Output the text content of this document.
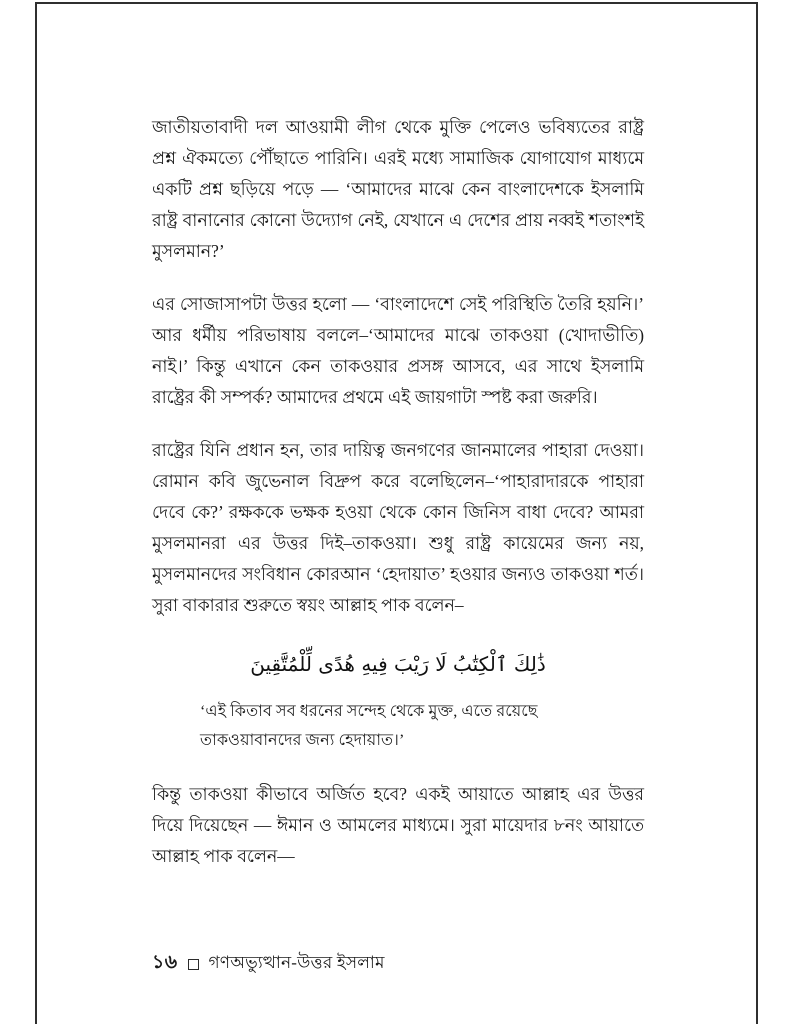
জাতীয়তাবাদী দল আওয়ামী লীগ থেকে মুক্তি পেলেও ভবিষ্যতের রাষ্ট্র প্রশ্ন ঐকমত্যে পৌঁছাতে পারিনি। এরই মধ্যে সামাজিক যোগাযোগ মাধ্যমে একটি প্রশ্ন ছড়িয়ে পড়ে — ‘আমাদের মাঝে কেন বাংলাদেশকে ইসলামি রাষ্ট্র বানানোর কোনো উদ্যোগ নেই, যেখানে এ দেশের প্রায় নব্বই শতাংশই মুসলমান?’

এর সোজাসাপটা উত্তর হলো — ‘বাংলাদেশে সেই পরিস্থিতি তৈরি হয়নি।’ আর ধর্মীয় পরিভাষায় বললে–‘আমাদের মাঝে তাকওয়া (খোদাভীতি) নাই।’ কিন্তু এখানে কেন তাকওয়ার প্রসঙ্গ আসবে, এর সাথে ইসলামি রাষ্ট্রের কী সম্পর্ক? আমাদের প্রথমে এই জায়গাটা স্পষ্ট করা জরুরি।

রাষ্ট্রের যিনি প্রধান হন, তার দায়িত্ব জনগণের জানমালের পাহারা দেওয়া। রোমান কবি জুভেনাল বিদ্রুপ করে বলেছিলেন–‘পাহারাদারকে পাহারা দেবে কে?’ রক্ষককে ভক্ষক হওয়া থেকে কোন জিনিস বাধা দেবে? আমরা মুসলমানরা এর উত্তর দিই–তাকওয়া। শুধু রাষ্ট্র কায়েমের জন্য নয়, মুসলমানদের সংবিধান কোরআন ‘হেদায়াত’ হওয়ার জন্যও তাকওয়া শর্ত। সুরা বাকারার শুরুতে স্বয়ং আল্লাহ পাক বলেন–

ذَٰلِكَ ٱلْكِتَٰبُ لَا رَيْبَ فِيهِ هُدًى لِّلْمُتَّقِينَ
‘এই কিতাব সব ধরনের সন্দেহ থেকে মুক্ত, এতে রয়েছে তাকওয়াবানদের জন্য হেদায়াত।’

কিন্তু তাকওয়া কীভাবে অর্জিত হবে? একই আয়াতে আল্লাহ এর উত্তর দিয়ে দিয়েছেন — ঈমান ও আমলের মাধ্যমে। সুরা মায়েদার ৮নং আয়াতে আল্লাহ পাক বলেন—

১৬ গণঅভ্যুত্থান-উত্তর ইসলাম
